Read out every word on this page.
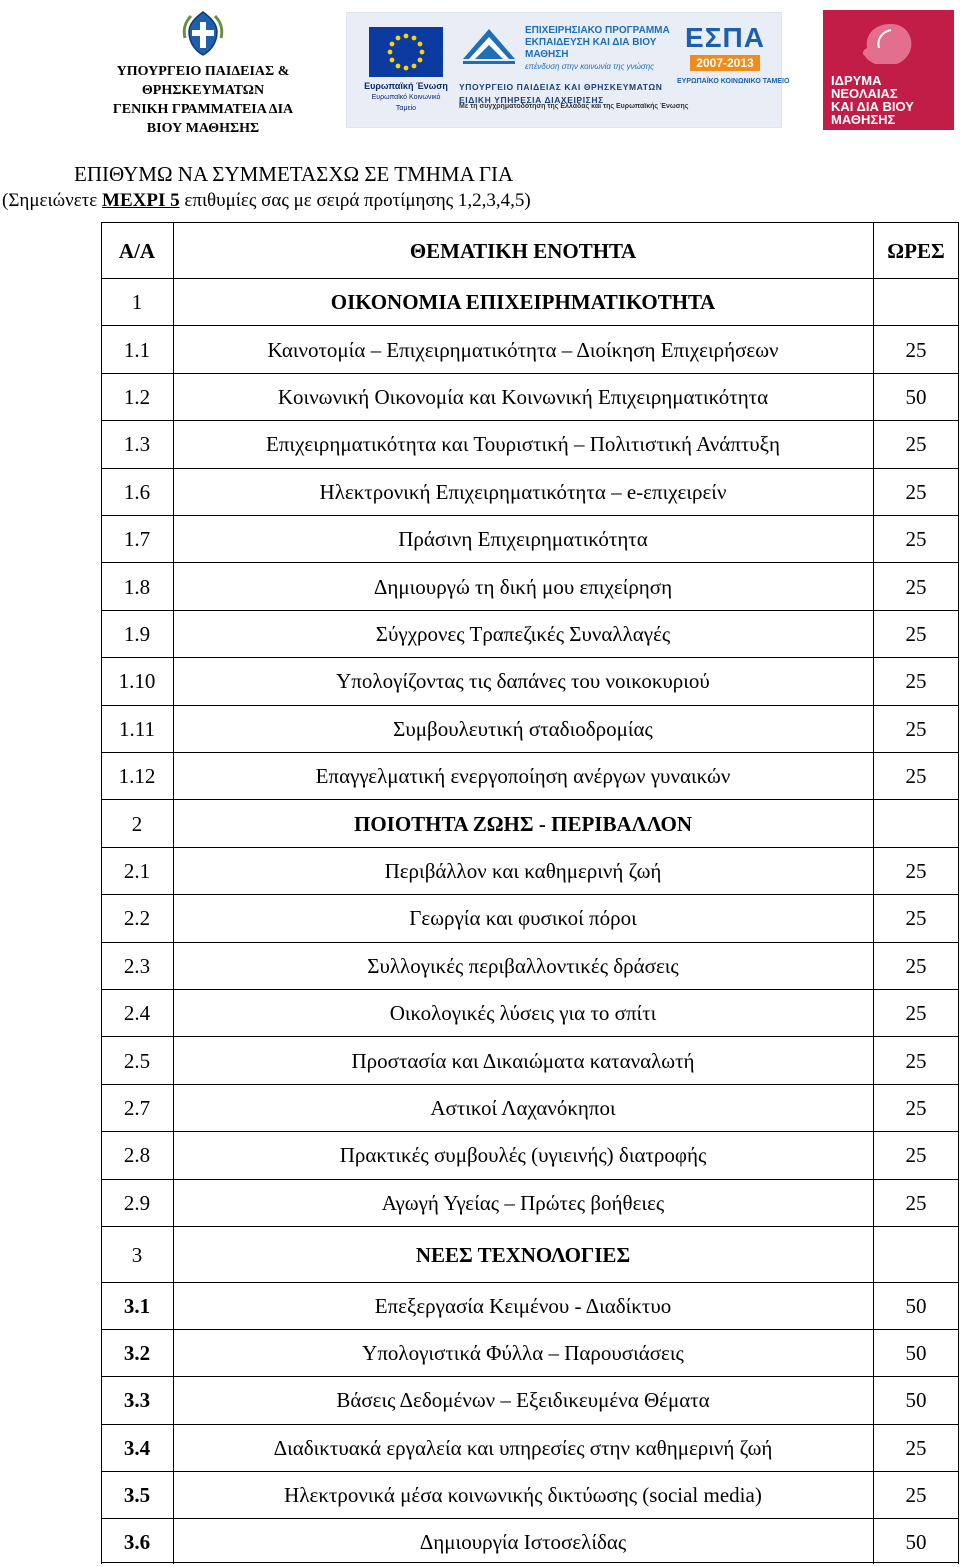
ΥΠΟΥΡΓΕΙΟ ΠΑΙΔΕΙΑΣ &
ΘΡΗΣΚΕΥΜΑΤΩΝ
ΓΕΝΙΚΗ ΓΡΑΜΜΑΤΕΙΑ ΔΙΑ
ΒΙΟΥ ΜΑΘΗΣΗΣ
Ευρωπαϊκή Ένωση
Ευρωπαϊκό Κοινωνικό Ταμείο
ΕΠΙΧΕΙΡΗΣΙΑΚΟ ΠΡΟΓΡΑΜΜΑ ΕΚΠΑΙΔΕΥΣΗ ΚΑΙ ΔΙΑ ΒΙΟΥ ΜΑΘΗΣΗ
επένδυση στην κοινωνία της γνώσης
ΥΠΟΥΡΓΕΙΟ ΠΑΙΔΕΙΑΣ ΚΑΙ ΘΡΗΣΚΕΥΜΑΤΩΝ
ΕΙΔΙΚΗ ΥΠΗΡΕΣΙΑ ΔΙΑΧΕΙΡΙΣΗΣ
Με τη συγχρηματοδότηση της Ελλάδας και της Ευρωπαϊκής Ένωσης
ΕΣΠΑ
2007-2013
ΕΥΡΩΠΑΪΚΟ ΚΟΙΝΩΝΙΚΟ ΤΑΜΕΙΟ	ΙΔΡΥΜΑ
ΝΕΟΛΑΙΑΣ
ΚΑΙ ΔΙΑ ΒΙΟΥ
ΜΑΘΗΣΗΣ
ΕΠΙΘΥΜΩ ΝΑ ΣΥΜΜΕΤΑΣΧΩ ΣΕ ΤΜΗΜΑ ΓΙΑ
(Σημειώνετε ΜΕΧΡΙ 5 επιθυμίες σας με σειρά προτίμησης 1,2,3,4,5)
Α/Α	ΘΕΜΑΤΙΚΗ ΕΝΟΤΗΤΑ	ΩΡΕΣ
1	ΟΙΚΟΝΟΜΙΑ ΕΠΙΧΕΙΡΗΜΑΤΙΚΟΤΗΤΑ
1.1	Καινοτομία – Επιχειρηματικότητα – Διοίκηση Επιχειρήσεων	25
1.2	Κοινωνική Οικονομία και Κοινωνική Επιχειρηματικότητα	50
1.3	Επιχειρηματικότητα και Τουριστική – Πολιτιστική Ανάπτυξη	25
1.6	Ηλεκτρονική Επιχειρηματικότητα – e-επιχειρείν	25
1.7	Πράσινη Επιχειρηματικότητα	25
1.8	Δημιουργώ τη δική μου επιχείρηση	25
1.9	Σύγχρονες Τραπεζικές Συναλλαγές	25
1.10	Υπολογίζοντας τις δαπάνες του νοικοκυριού	25
1.11	Συμβουλευτική σταδιοδρομίας	25
1.12	Επαγγελματική ενεργοποίηση ανέργων γυναικών	25
2	ΠΟΙΟΤΗΤΑ ΖΩΗΣ - ΠΕΡΙΒΑΛΛΟΝ
2.1	Περιβάλλον και καθημερινή ζωή	25
2.2	Γεωργία και φυσικοί πόροι	25
2.3	Συλλογικές περιβαλλοντικές δράσεις	25
2.4	Οικολογικές λύσεις για το σπίτι	25
2.5	Προστασία και Δικαιώματα καταναλωτή	25
2.7	Αστικοί Λαχανόκηποι	25
2.8	Πρακτικές συμβουλές (υγιεινής) διατροφής	25
2.9	Αγωγή Υγείας – Πρώτες βοήθειες	25
3	ΝΕΕΣ ΤΕΧΝΟΛΟΓΙΕΣ
3.1	Επεξεργασία Κειμένου - Διαδίκτυο	50
3.2	Υπολογιστικά Φύλλα – Παρουσιάσεις	50
3.3	Βάσεις Δεδομένων – Εξειδικευμένα Θέματα	50
3.4	Διαδικτυακά εργαλεία και υπηρεσίες στην καθημερινή ζωή	25
3.5	Ηλεκτρονικά μέσα κοινωνικής δικτύωσης (social media)	25
3.6	Δημιουργία Ιστοσελίδας	50
